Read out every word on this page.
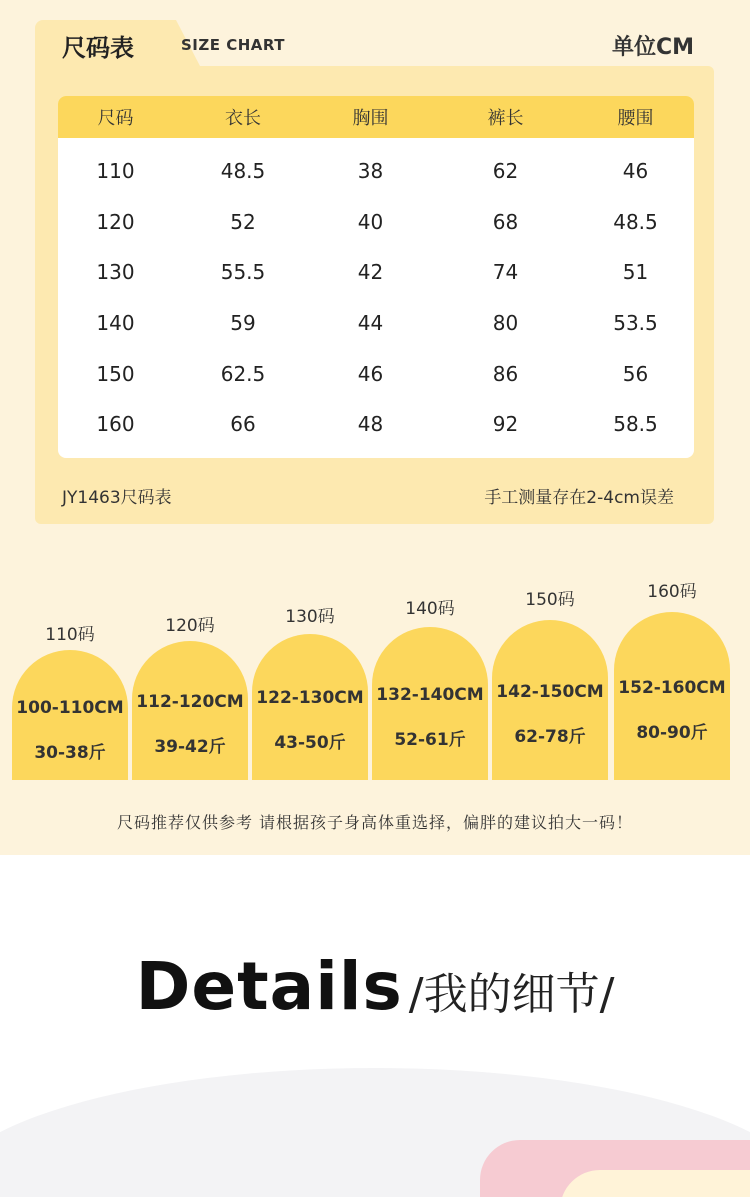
尺码表	SIZE CHART	单位CM
尺码	衣长	胸围	裤长	腰围
110	48.5	38	62	46
120	52	40	68	48.5
130	55.5	42	74	51
140	59	44	80	53.5
150	62.5	46	86	56
160	66	48	92	58.5
JY1463尺码表	手工测量存在2-4cm误差
110码
100-110CM
30-38斤
120码
112-120CM
39-42斤
130码
122-130CM
43-50斤
140码
132-140CM
52-61斤
150码
142-150CM
62-78斤
160码
152-160CM
80-90斤
尺码推荐仅供参考 请根据孩子身高体重选择，偏胖的建议拍大一码！
Details /我的细节/
